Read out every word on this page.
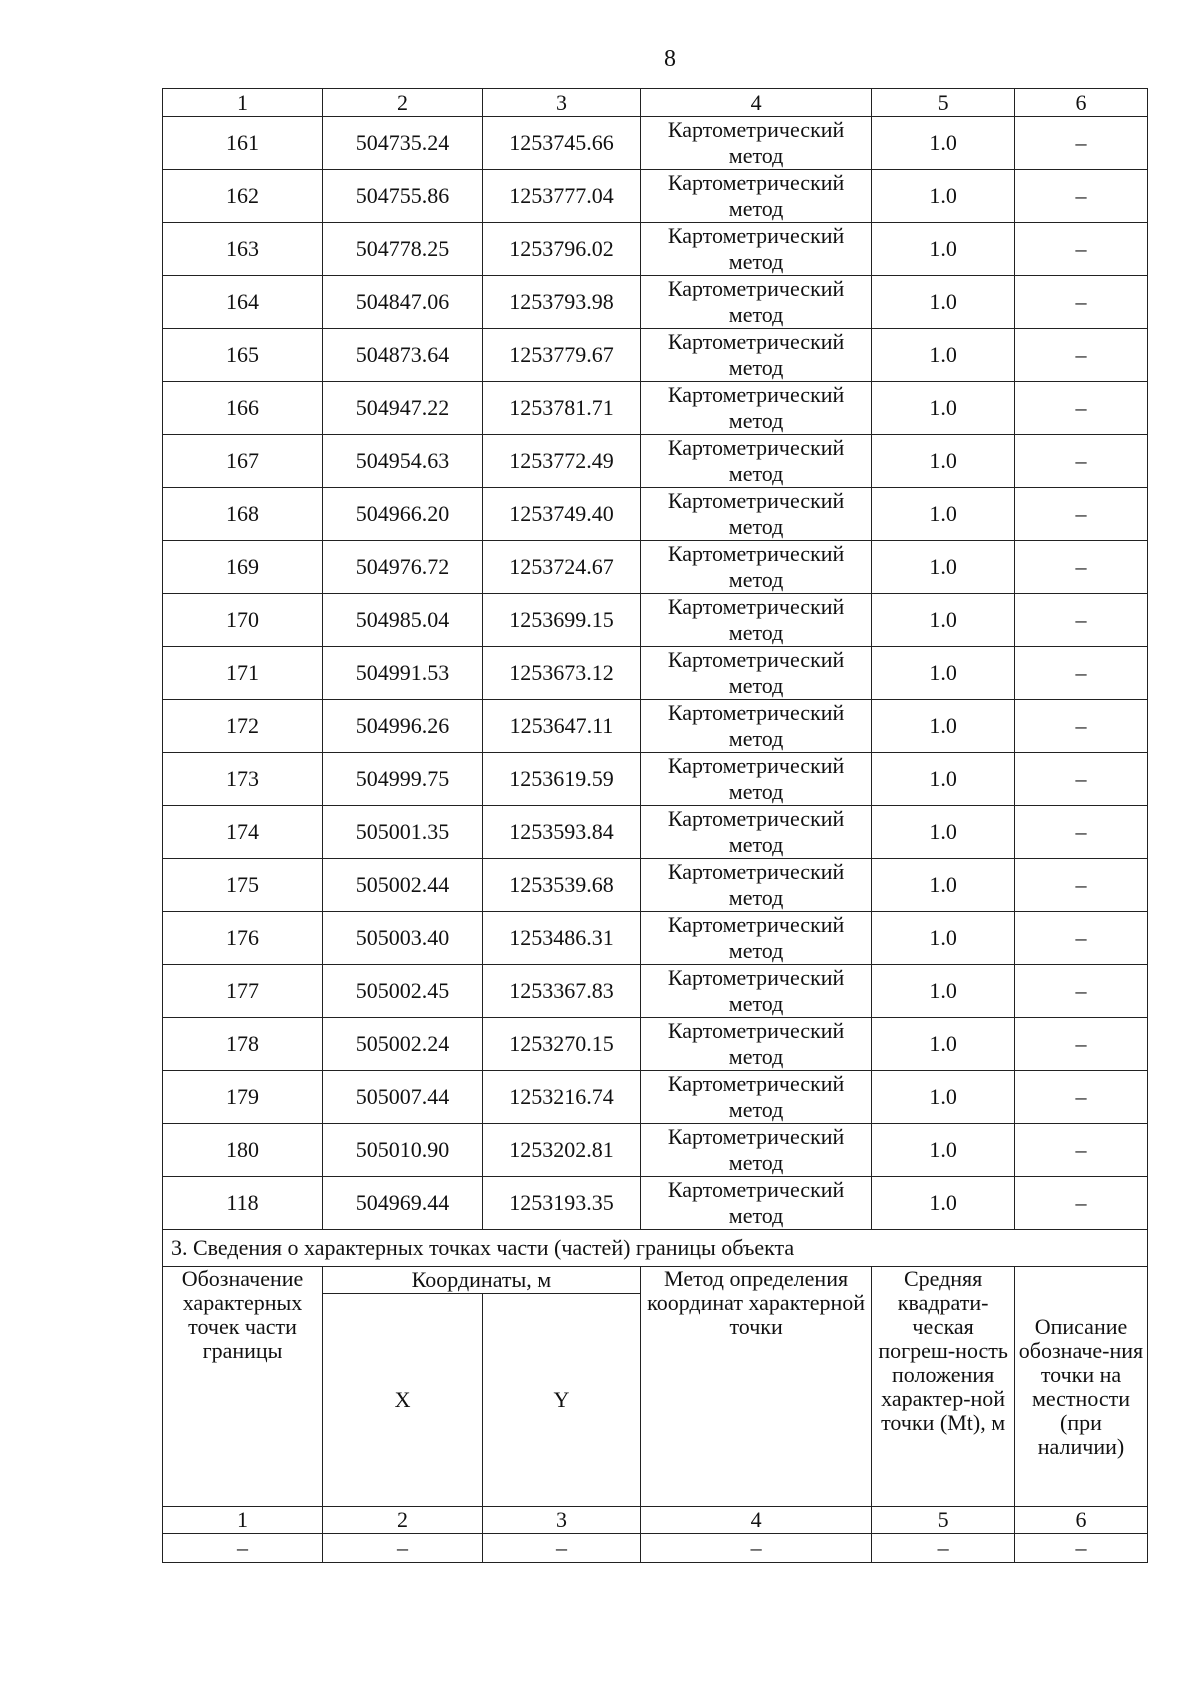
8
1	2	3	4	5	6
161	504735.24	1253745.66	Картометрический метод	1.0	–
162	504755.86	1253777.04	Картометрический метод	1.0	–
163	504778.25	1253796.02	Картометрический метод	1.0	–
164	504847.06	1253793.98	Картометрический метод	1.0	–
165	504873.64	1253779.67	Картометрический метод	1.0	–
166	504947.22	1253781.71	Картометрический метод	1.0	–
167	504954.63	1253772.49	Картометрический метод	1.0	–
168	504966.20	1253749.40	Картометрический метод	1.0	–
169	504976.72	1253724.67	Картометрический метод	1.0	–
170	504985.04	1253699.15	Картометрический метод	1.0	–
171	504991.53	1253673.12	Картометрический метод	1.0	–
172	504996.26	1253647.11	Картометрический метод	1.0	–
173	504999.75	1253619.59	Картометрический метод	1.0	–
174	505001.35	1253593.84	Картометрический метод	1.0	–
175	505002.44	1253539.68	Картометрический метод	1.0	–
176	505003.40	1253486.31	Картометрический метод	1.0	–
177	505002.45	1253367.83	Картометрический метод	1.0	–
178	505002.24	1253270.15	Картометрический метод	1.0	–
179	505007.44	1253216.74	Картометрический метод	1.0	–
180	505010.90	1253202.81	Картометрический метод	1.0	–
118	504969.44	1253193.35	Картометрический метод	1.0	–
3. Сведения о характерных точках части (частей) границы объекта					
Обозначение характерных точек части границы	Координаты, м		Метод определения координат характерной точки	Средняя квадрати-ческая погреш-ность положения характер-ной точки (Mt), м	Описание обозначе-ния точки на местности (при наличии)
	X	Y			
1	2	3	4	5	6
–	–	–	–	–	–
